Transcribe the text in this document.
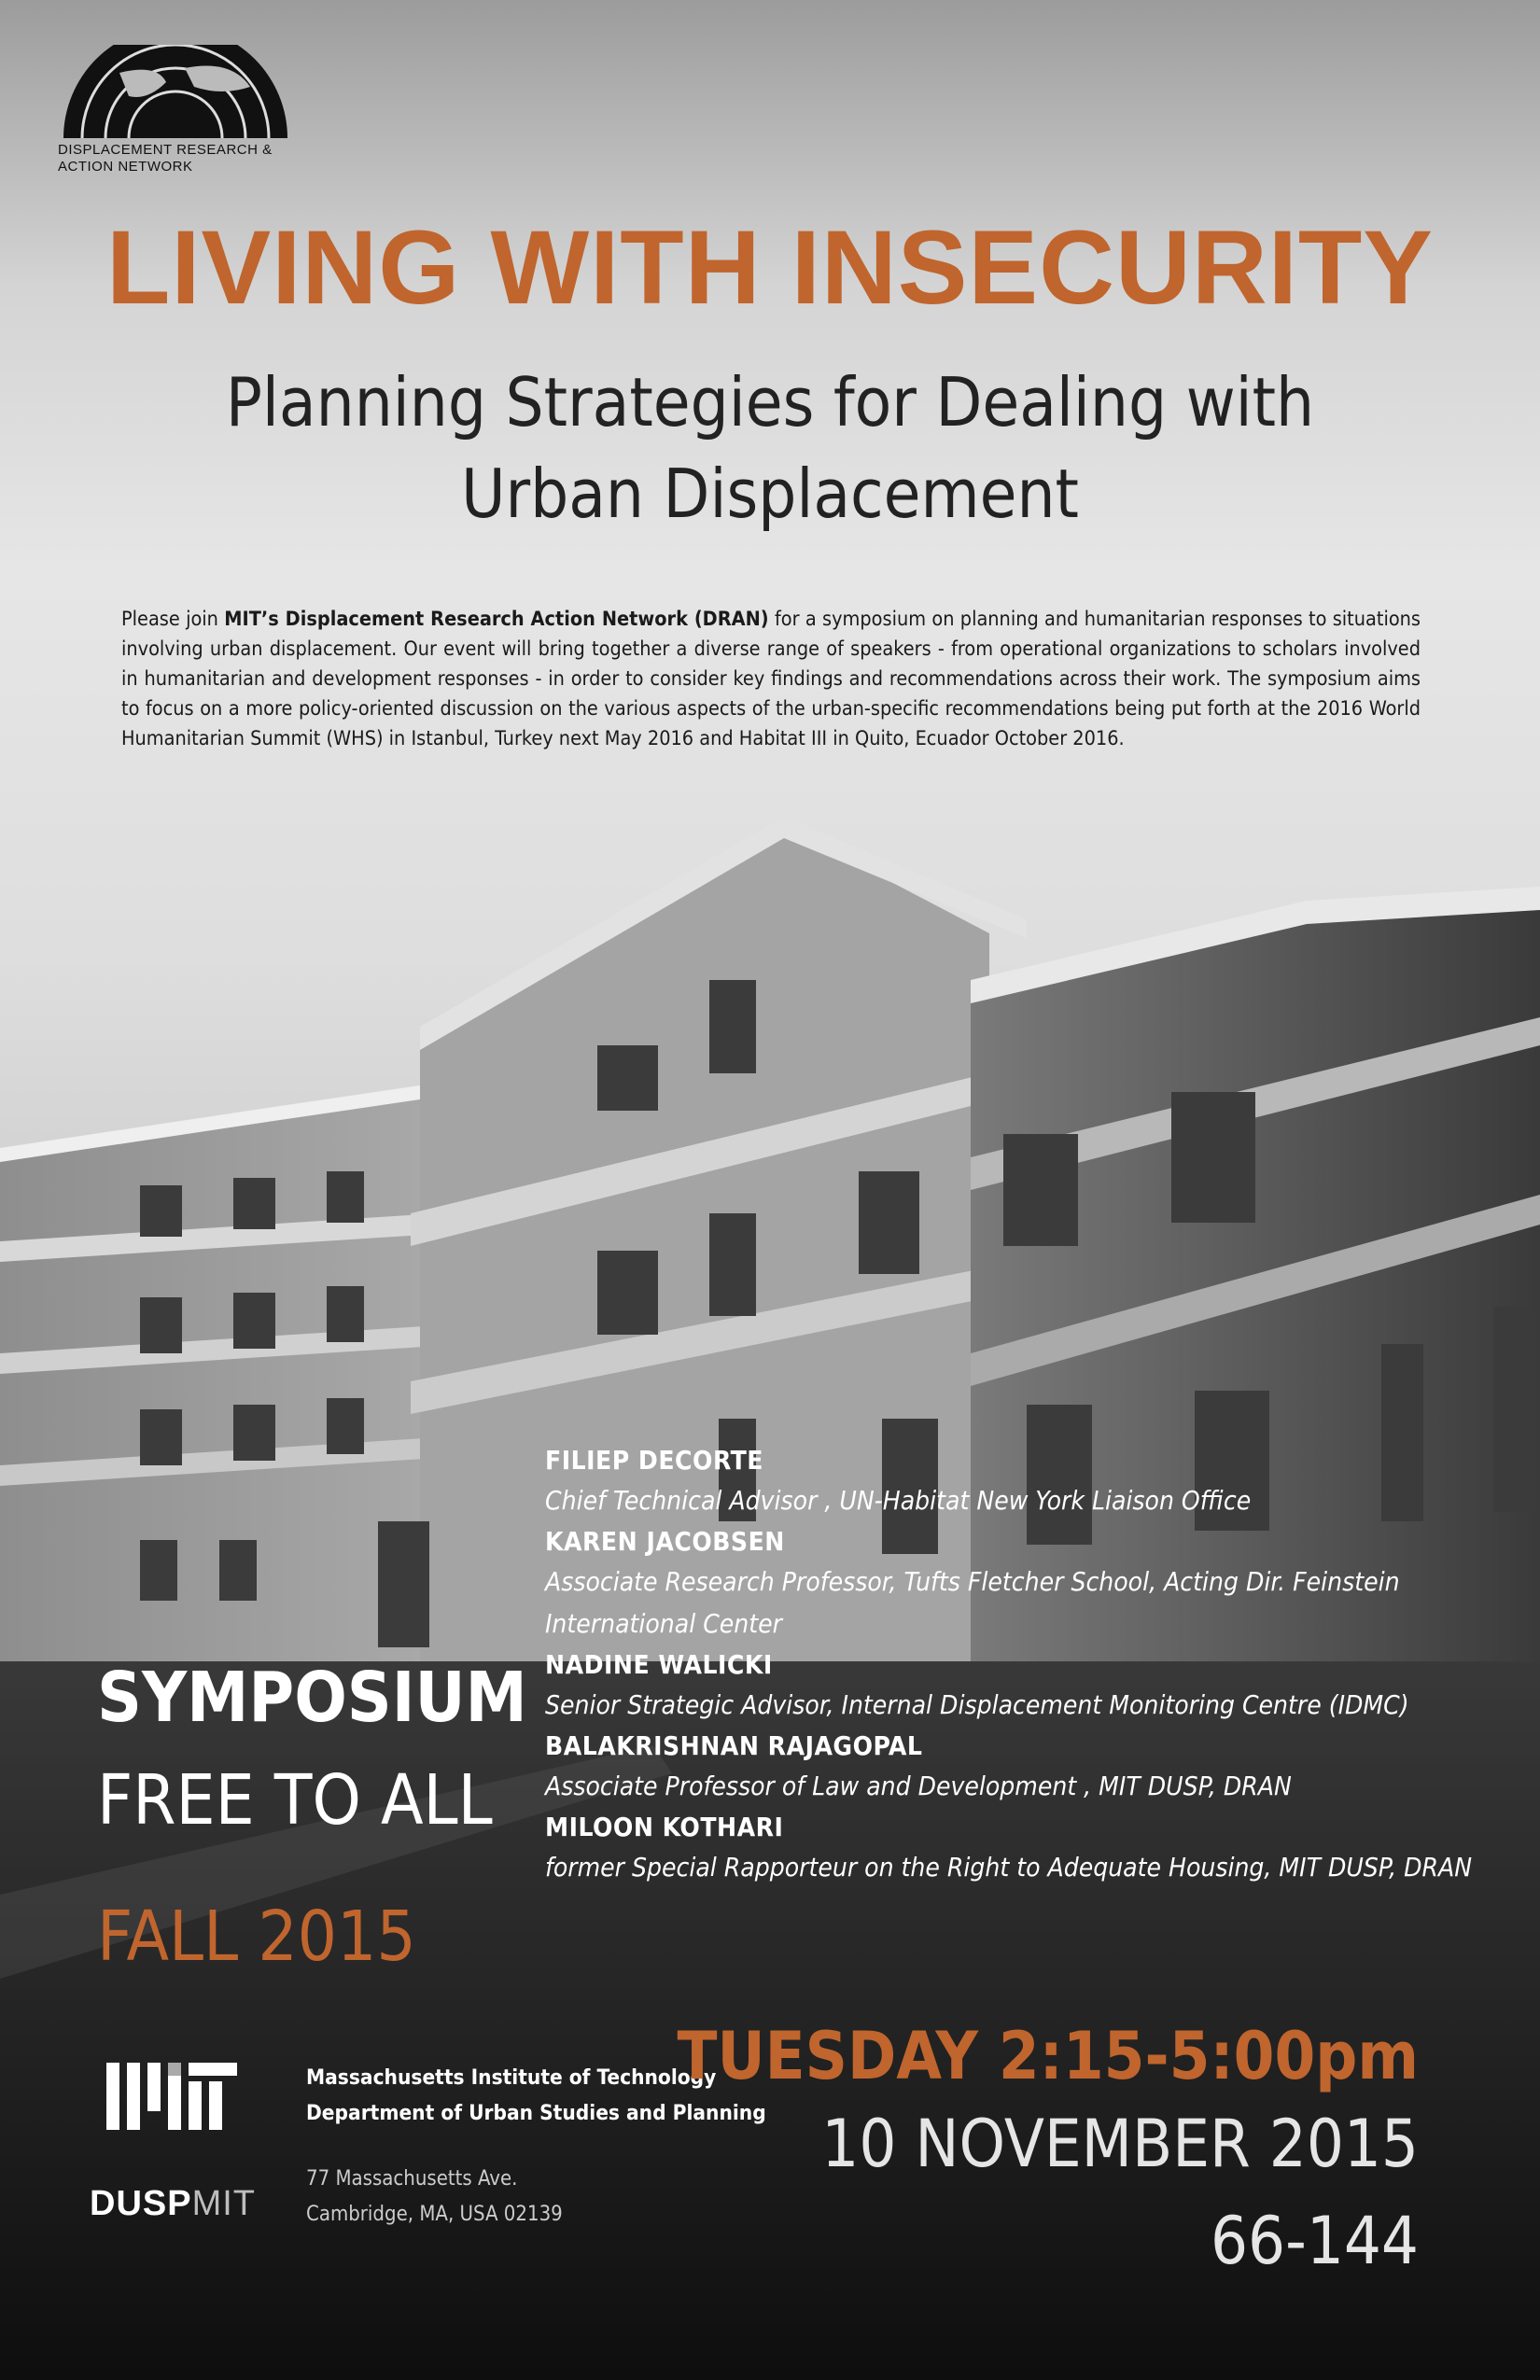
DISPLACEMENT RESEARCH &
ACTION NETWORK
LIVING WITH INSECURITY
Planning Strategies for Dealing with
Urban Displacement
Please join MIT’s Displacement Research Action Network (DRAN) for a symposium on planning and humanitarian responses to situations involving urban displacement. Our event will bring together a diverse range of speakers - from operational organizations to scholars involved in humanitarian and development responses - in order to consider key findings and recommendations across their work. The symposium aims to focus on a more policy-oriented discussion on the various aspects of the urban-specific recommendations being put forth at the 2016 World Humanitarian Summit (WHS) in Istanbul, Turkey next May 2016 and Habitat III in Quito, Ecuador October 2016.
FILIEP DECORTE
Chief Technical Advisor , UN-Habitat New York Liaison Office
KAREN JACOBSEN
Associate Research Professor, Tufts Fletcher School, Acting Dir. Feinstein International Center
NADINE WALICKI
Senior Strategic Advisor, Internal Displacement Monitoring Centre (IDMC)
BALAKRISHNAN RAJAGOPAL
Associate Professor of Law and Development , MIT DUSP, DRAN
MILOON KOTHARI
former Special Rapporteur on the Right to Adequate Housing, MIT DUSP, DRAN
SYMPOSIUM
FREE TO ALL
FALL 2015
DUSPMIT
Massachusetts Institute of Technology
Department of Urban Studies and Planning
77 Massachusetts Ave.
Cambridge, MA, USA 02139
TUESDAY 2:15-5:00pm
10 NOVEMBER 2015
66-144
